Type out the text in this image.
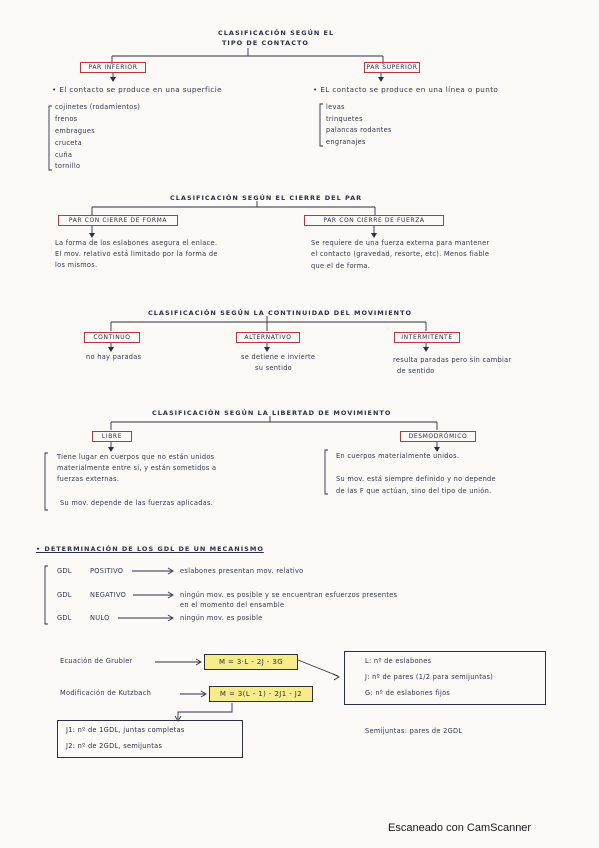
CLASIFICACIÓN SEGÚN EL
TIPO DE CONTACTO
PAR INFERIOR	PAR SUPERIOR
• El contacto se produce en una superficie	• EL contacto se produce en una línea o punto
cojinetes (rodamientos)
frenos
embragues
cruceta
cuña
tornillo
levas
trinquetes
palancas rodantes
engranajes
CLASIFICACIÓN SEGÚN EL CIERRE DEL PAR
PAR CON CIERRE DE FORMA	PAR CON CIERRE DE FUERZA
La forma de los eslabones asegura el enlace.
El mov. relativo está limitado por la forma de
los mismos.
Se requiere de una fuerza externa para mantener
el contacto (gravedad, resorte, etc). Menos fiable
que el de forma.
CLASIFICACIÓN SEGÚN LA CONTINUIDAD DEL MOVIMIENTO
CONTINUO	ALTERNATIVO	INTERMITENTE
no hay paradas	se detiene e invierte
su sentido
resulta paradas pero sin cambiar
de sentido
CLASIFICACIÓN SEGÚN LA LIBERTAD DE MOVIMIENTO
LIBRE	DESMODRÓMICO
Tiene lugar en cuerpos que no están unidos
materialmente entre sí, y están sometidos a
fuerzas externas.
Su mov. depende de las fuerzas aplicadas.
En cuerpos materialmente unidos.
Su mov. está siempre definido y no depende
de las F que actúan, sino del tipo de unión.
• DETERMINACIÓN DE LOS GDL DE UN MECANISMO
GDL	POSITIVO	eslabones presentan mov. relativo
GDL	NEGATIVO	ningún mov. es posible y se encuentran esfuerzos presentes
en el momento del ensamble
GDL	NULO	ningún mov. es posible
Ecuación de Grubler	M = 3·L - 2J - 3G
Modificación de Kutzbach	M = 3(L - 1) - 2J1 - J2
L: nº de eslabones
J: nº de pares (1/2 para semijuntas)
G: nº de eslabones fijos
J1: nº de 1GDL, juntas completas
J2: nº de 2GDL, semijuntas
Semijuntas: pares de 2GDL
Escaneado con CamScanner
